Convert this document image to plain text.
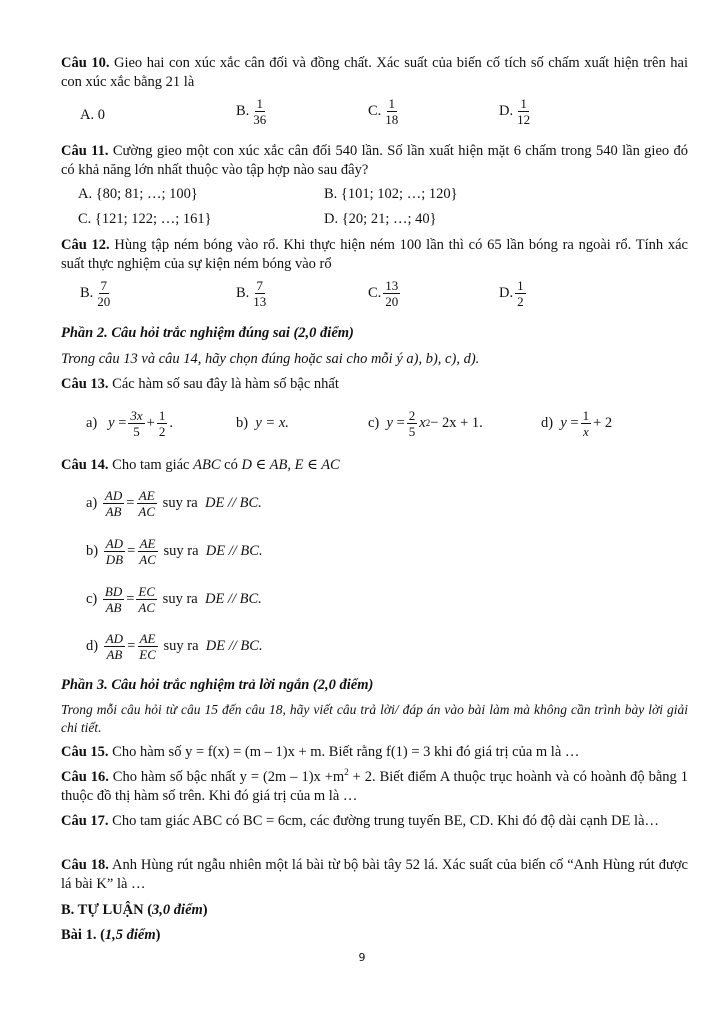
Câu 10. Gieo hai con xúc xắc cân đối và đồng chất. Xác suất của biến cố tích số chấm xuất hiện trên hai con xúc xắc bằng 21 là
A.
0	B. $\frac{1}{36}$	C. $\frac{1}{18}$	D. $\frac{1}{12}$
Câu 11. Cường gieo một con xúc xắc cân đối 540 lần. Số lần xuất hiện mặt 6 chấm trong 540 lần gieo đó có khả năng lớn nhất thuộc vào tập hợp nào sau đây?
A. {80; 81; …; 100}	B. {101; 102; …; 120}
C. {121; 122; …; 161}	D. {20; 21; …; 40}
Câu 12. Hùng tập ném bóng vào rổ. Khi thực hiện ném 100 lần thì có 65 lần bóng ra ngoài rổ. Tính xác suất thực nghiệm của sự kiện ném bóng vào rổ
B. $\frac{7}{20}$	B. $\frac{7}{13}$	C. $\frac{13}{20}$	D. $\frac{1}{2}$
Phần 2. Câu hỏi trắc nghiệm đúng sai (2,0 điểm)
Trong câu 13 và câu 14, hãy chọn đúng hoặc sai cho mỗi ý a), b), c), d).
Câu 13. Các hàm số sau đây là hàm số bậc nhất
a)
y
= $\frac{3x}{5} + \frac{1}{2}$ .	b)
y = x.	c)
y
= $\frac{2}{5}$ x 2 − 2x + 1.	d)
y
= $\frac{1}{x} + 2$
Câu 14. Cho tam giác ABC có D ∈ AB, E ∈ AC
a)
$\frac{AD}{AB} = \frac{AE}{AC}$
suy ra
DE // BC.
b)
$\frac{AD}{DB} = \frac{AE}{AC}$
suy ra
DE // BC.
c)
$\frac{BD}{AB} = \frac{EC}{AC}$
suy ra
DE // BC.
d)
$\frac{AD}{AB} = \frac{AE}{EC}$
suy ra
DE // BC.
Phần 3. Câu hỏi trắc nghiệm trả lời ngắn (2,0 điểm)
Trong mỗi câu hỏi từ câu 15 đến câu 18, hãy viết câu trả lời/ đáp án vào bài làm mà không cần trình bày lời giải chi tiết.
Câu 15. Cho hàm số y = f(x) = (m – 1)x + m. Biết rằng f(1) = 3 khi đó giá trị của m là …
Câu 16. Cho hàm số bậc nhất $y = (2m - 1)x +m^2 + 2$. Biết điểm A thuộc trục hoành và có hoành độ bằng 1 thuộc đồ thị hàm số trên. Khi đó giá trị của m là …
Câu 17. Cho tam giác ABC có BC = 6cm, các đường trung tuyến BE, CD. Khi đó độ dài cạnh DE là…
Câu 18. Anh Hùng rút ngẫu nhiên một lá bài từ bộ bài tây 52 lá. Xác suất của biến cố “Anh Hùng rút được lá bài K” là …
B. TỰ LUẬN (3,0 điểm)
Bài 1. (1,5 điểm)
9
